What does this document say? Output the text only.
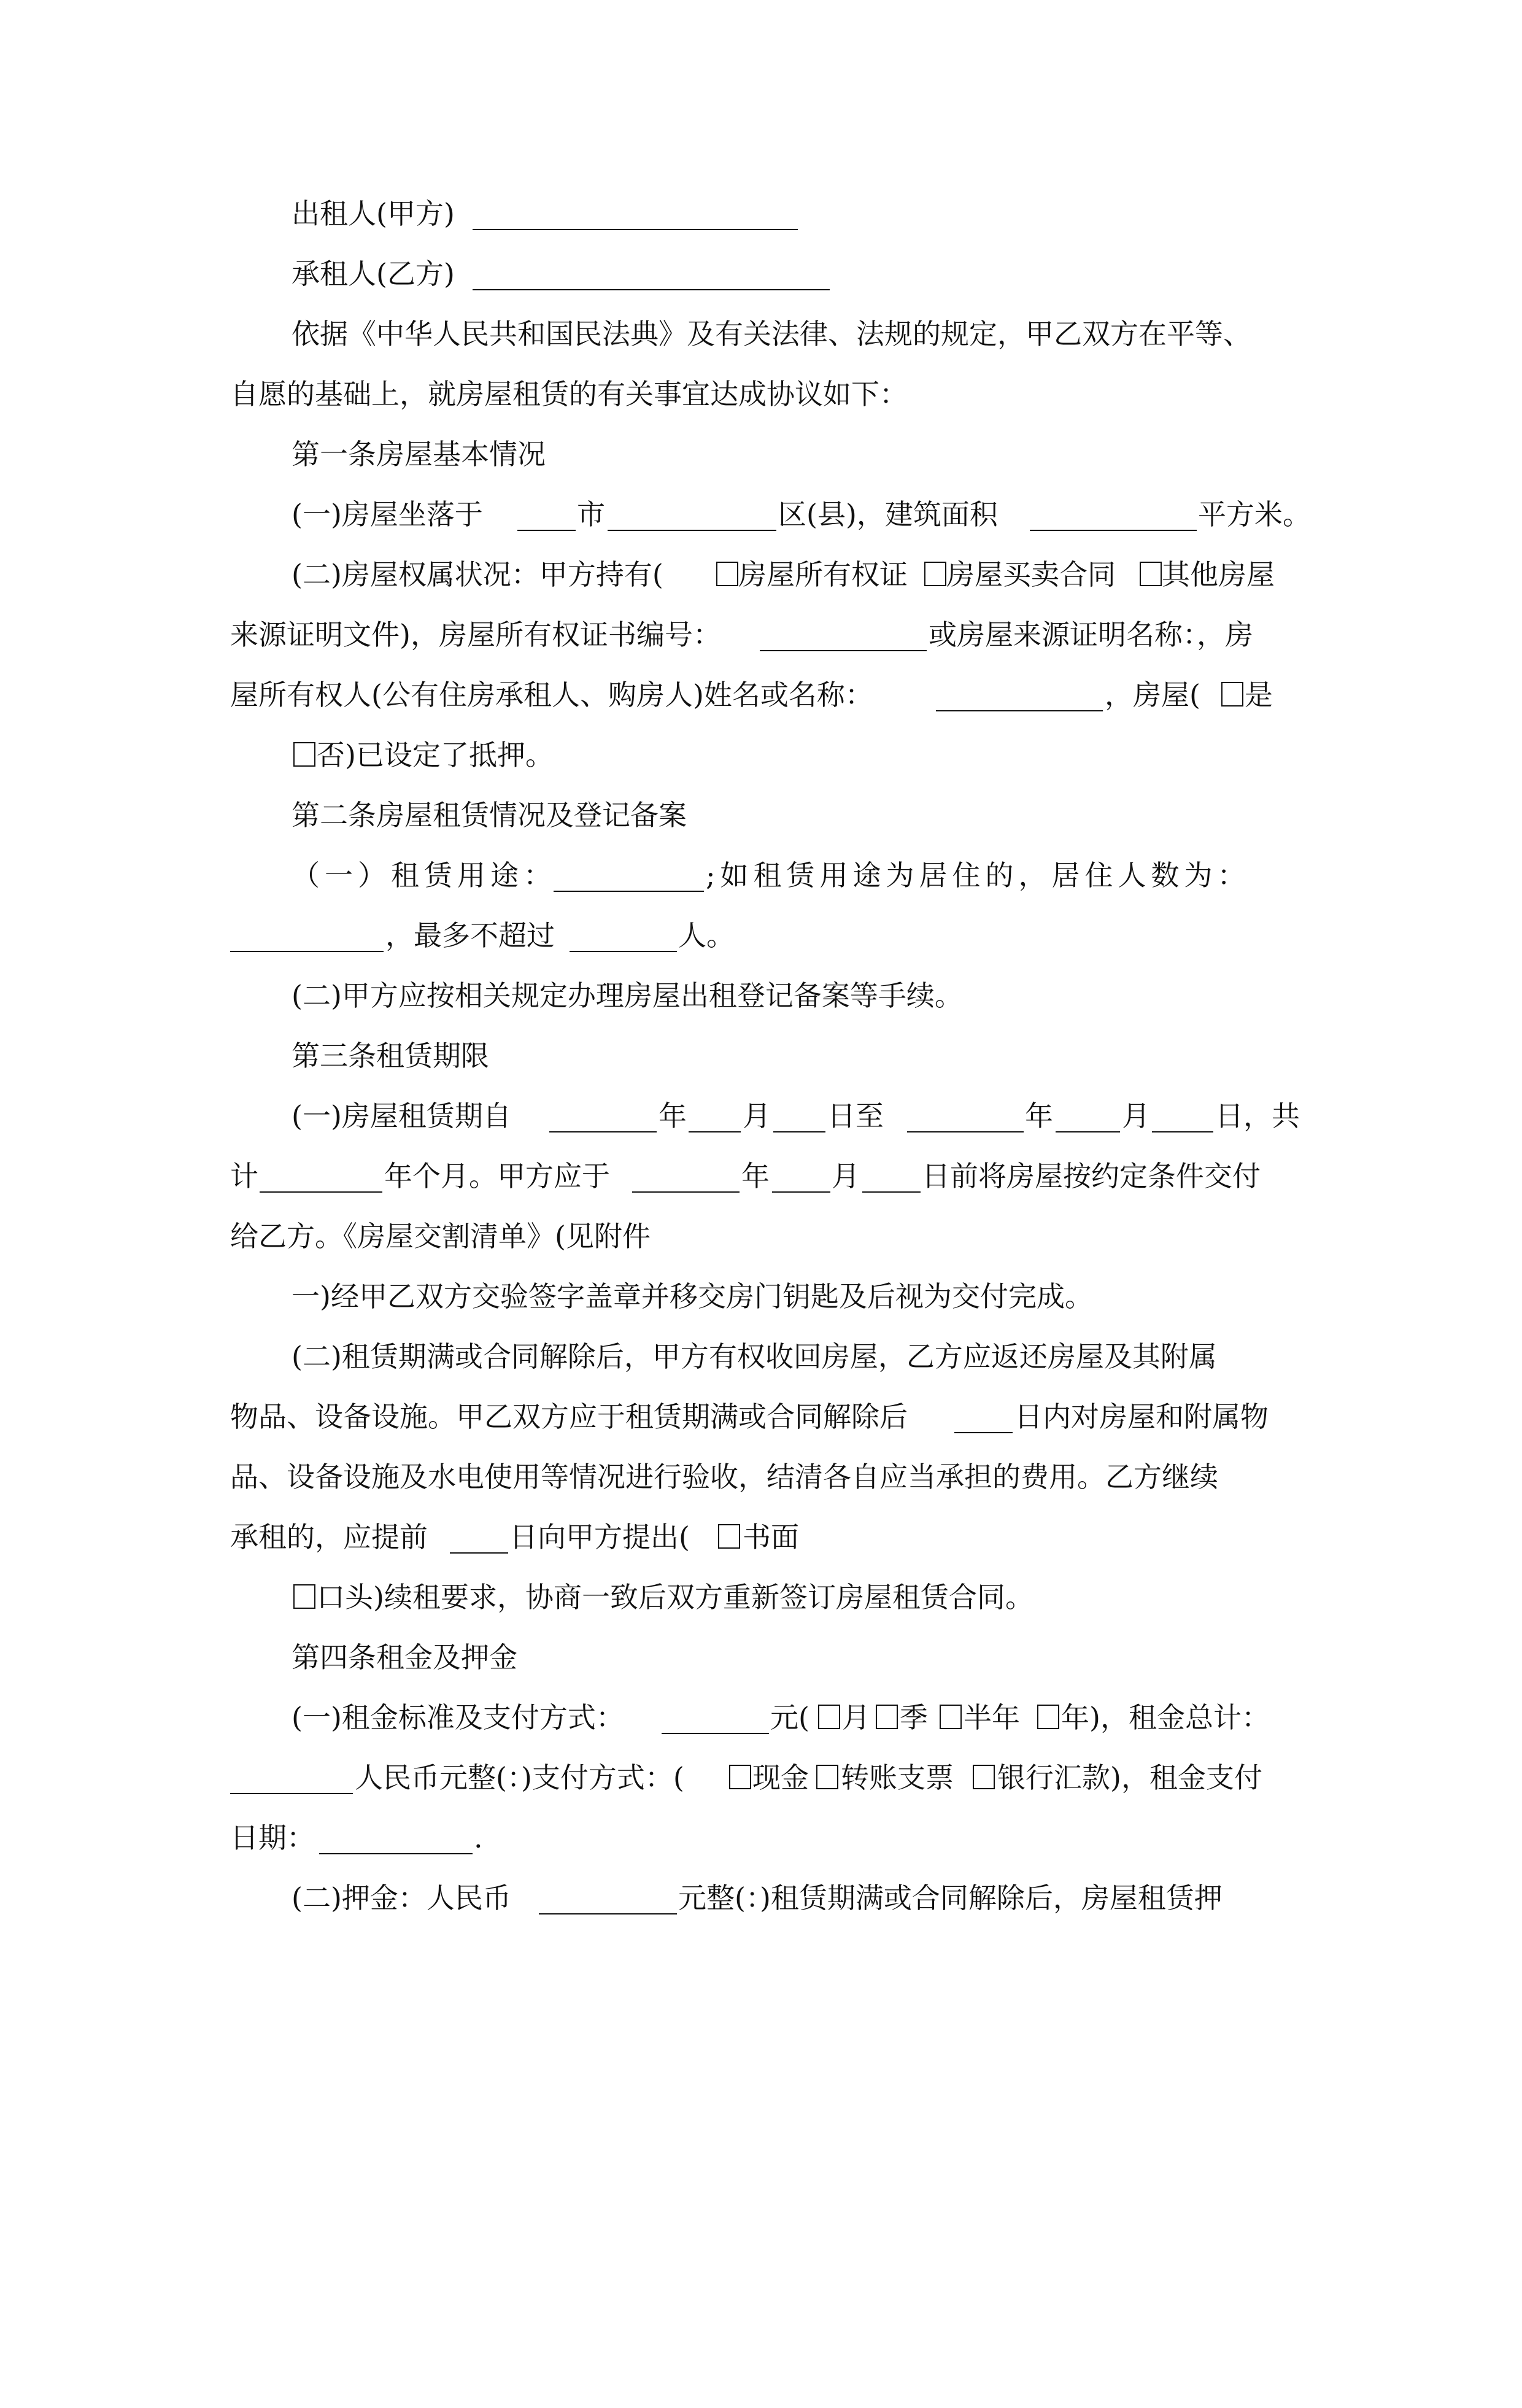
出租人(甲方)

承租人(乙方)

依据《中华人民共和国民法典》及有关法律、法规的规定，甲乙双方在平等、

自愿的基础上，就房屋租赁的有关事宜达成协议如下：

第一条房屋基本情况

(一)房屋坐落于

	市

	区(县)，建筑面积

	平方米。

(二)房屋权属状况：甲方持有(

	房屋所有权证

房屋买卖合同

其他房屋

来源证明文件)，房屋所有权证书编号：

	或房屋来源证明名称：，房

屋所有权人(公有住房承租人、购房人)姓名或名称：

	，房屋(

是

否)已设定了抵押。

第二条房屋租赁情况及登记备案

（一）租赁用途：

	;如租赁用途为居住的，居住人数为：

，最多不超过

	人。

(二)甲方应按相关规定办理房屋出租登记备案等手续。

第三条租赁期限

(一)房屋租赁期自

	年

月

日至

	年

月

日，共

计

	年个月。甲方应于

	年

月

日前将房屋按约定条件交付

给乙方。《房屋交割清单》(见附件

一)经甲乙双方交验签字盖章并移交房门钥匙及后视为交付完成。

(二)租赁期满或合同解除后，甲方有权收回房屋，乙方应返还房屋及其附属

物品、设备设施。甲乙双方应于租赁期满或合同解除后

	日内对房屋和附属物

品、设备设施及水电使用等情况进行验收，结清各自应当承担的费用。乙方继续

承租的，应提前

	日向甲方提出(

书面

口头)续租要求，协商一致后双方重新签订房屋租赁合同。

第四条租金及押金

(一)租金标准及支付方式：

	元(

月

季

半年

年)，租金总计：

人民币元整(：)支付方式：(

现金

转账支票

银行汇款)，租金支付

日期：

	.

(二)押金：人民币

	元整(：)租赁期满或合同解除后，房屋租赁押
